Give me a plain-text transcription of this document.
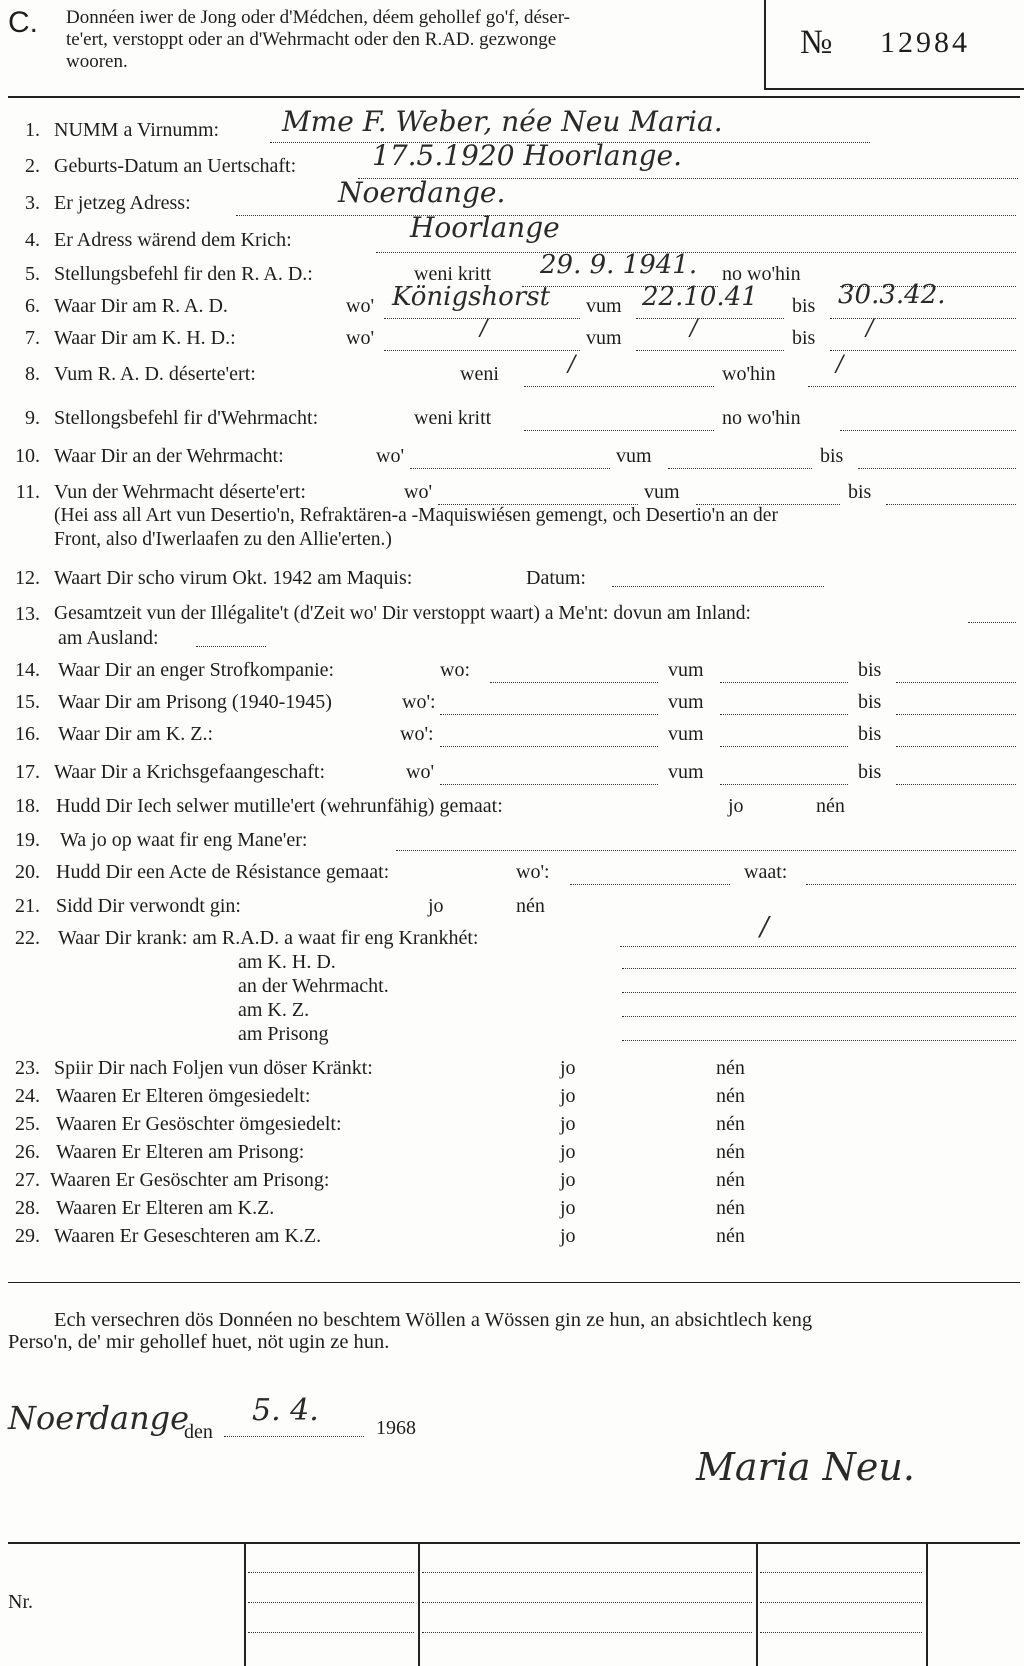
C. Donnéen iwer de Jong oder d'Médchen, déem gehollef go'f, déser-
te'ert, verstoppt oder an d'Wehrmacht oder den R.AD. gezwonge
wooren.
№ 12984
1. NUMM a Virnumm: Mme F. Weber, née Neu Maria.
2. Geburts-Datum an Uertschaft:	17.5.1920 Hoorlange.
3. Er jetzeg Adress:	Noerdange.
4. Er Adress wärend dem Krich:	Hoorlange
5. Stellungsbefehl fir den R. A. D.:	weni kritt 29. 9. 1941. no wo'hin
6. Waar Dir am R. A. D.	wo' Königshorst vum 22.10.41 bis 30.3.42.
7. Waar Dir am K. H. D.:	wo'	/	vum	/	bis /
8. Vum R. A. D. déserte'ert:	weni	/	wo'hin	/
9. Stellongsbefehl fir d'Wehrmacht:	weni kritt	no wo'hin
10. Waar Dir an der Wehrmacht:	wo'	vum	bis
11. Vun der Wehrmacht déserte'ert:	wo'	vum	bis
(Hei ass all Art vun Desertio'n, Refraktären-a -Maquiswiésen gemengt, och Desertio'n an der
Front, also d'Iwerlaafen zu den Allie'erten.)
12. Waart Dir scho virum Okt. 1942 am Maquis:	Datum:
13. Gesamtzeit vun der Illégalite't (d'Zeit wo' Dir verstoppt waart) a Me'nt: dovun am Inland:
am Ausland:
14. Waar Dir an enger Strofkompanie:	wo:	vum	bis
15. Waar Dir am Prisong (1940-1945)	wo':	vum	bis
16. Waar Dir am K. Z.:	wo':	vum	bis
17. Waar Dir a Krichsgefaangeschaft:	wo'	vum	bis
18. Hudd Dir Iech selwer mutille'ert (wehrunfähig) gemaat:	jo	nén
19. Wa jo op waat fir eng Mane'er:
20. Hudd Dir een Acte de Résistance gemaat:	wo':	waat:
21. Sidd Dir verwondt gin:	jo	nén
22. Waar Dir krank: am R.A.D. a waat fir eng Krankhét:	/
am K. H. D.
an der Wehrmacht.
am K. Z.
am Prisong
23. Spiir Dir nach Foljen vun döser Kränkt:	jo	nén
24. Waaren Er Elteren ömgesiedelt:	jo	nén
25. Waaren Er Gesöschter ömgesiedelt:	jo	nén
26. Waaren Er Elteren am Prisong:	jo	nén
27. Waaren Er Gesöschter am Prisong:	jo	nén
28. Waaren Er Elteren am K.Z.	jo	nén
29. Waaren Er Geseschteren am K.Z.	jo	nén
Ech versechren dös Donnéen no beschtem Wöllen a Wössen gin ze hun, an absichtlech keng
Perso'n, de' mir gehollef huet, nöt ugin ze hun.
Noerdange
den
5. 4.	1968
Maria Neu.
Nr.
